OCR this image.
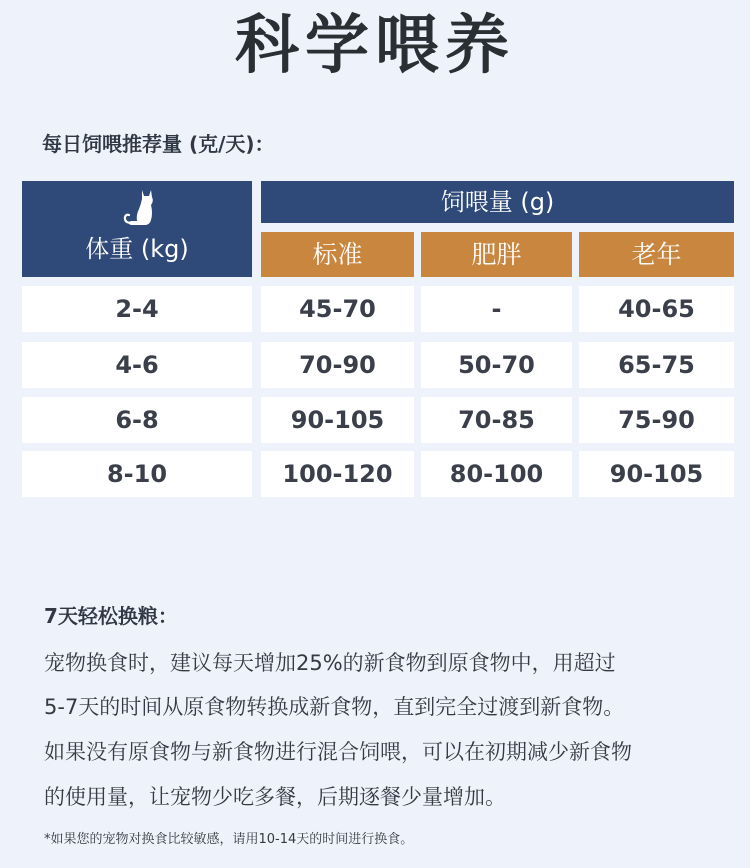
科学喂养
每日饲喂推荐量 (克/天)：
体重 (kg)
饲喂量 (g)
标准	肥胖	老年
2-4	45-70	-	40-65
4-6	70-90	50-70	65-75
6-8	90-105	70-85	75-90
8-10	100-120	80-100	90-105
7天轻松换粮：
宠物换食时，建议每天增加25%的新食物到原食物中，用超过
5-7天的时间从原食物转换成新食物，直到完全过渡到新食物。
如果没有原食物与新食物进行混合饲喂，可以在初期减少新食物
的使用量，让宠物少吃多餐，后期逐餐少量增加。
*如果您的宠物对换食比较敏感，请用10-14天的时间进行换食。
